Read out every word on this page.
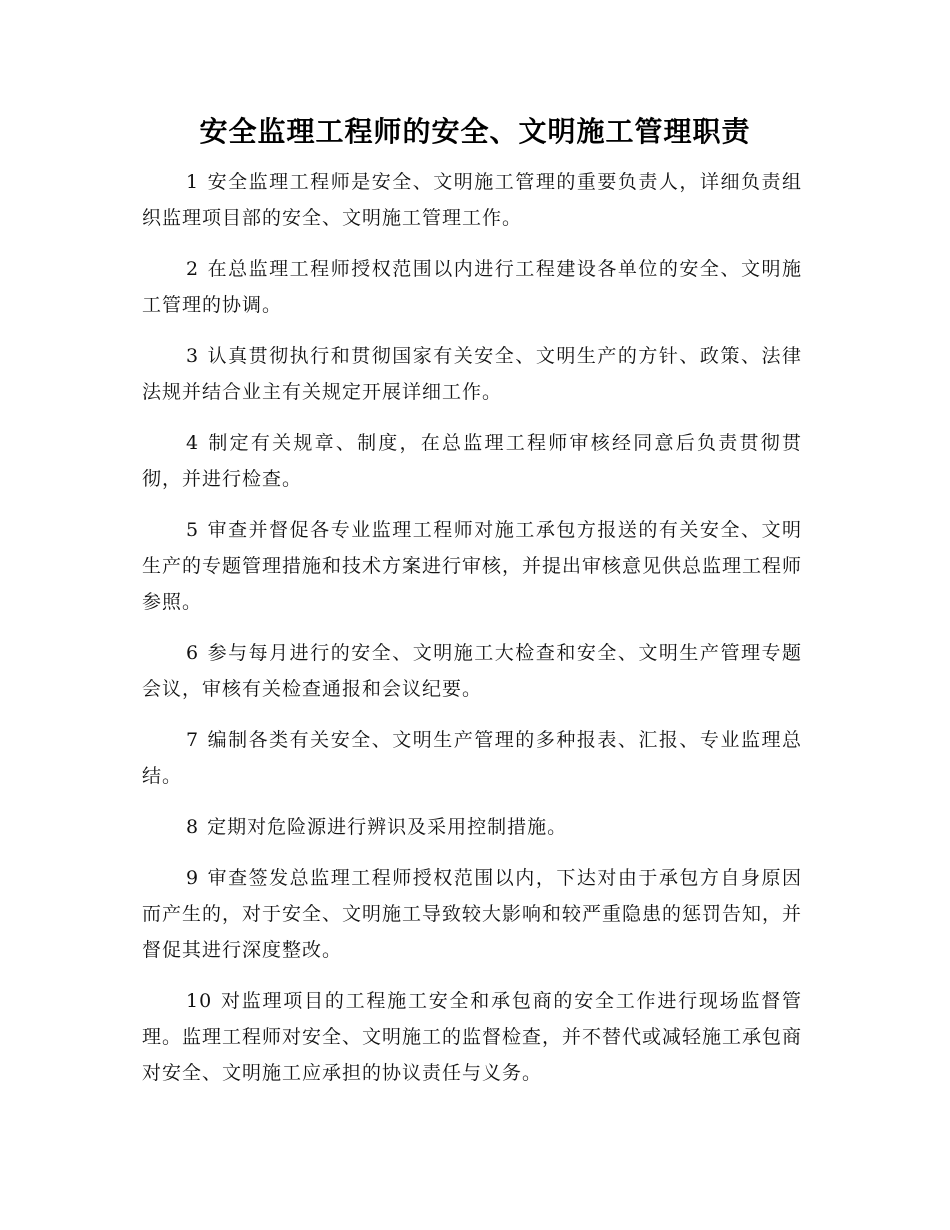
安全监理工程师的安全、文明施工管理职责

1 安全监理工程师是安全、文明施工管理的重要负责人，详细负责组织监理项目部的安全、文明施工管理工作。

2 在总监理工程师授权范围以内进行工程建设各单位的安全、文明施工管理的协调。

3 认真贯彻执行和贯彻国家有关安全、文明生产的方针、政策、法律法规并结合业主有关规定开展详细工作。

4 制定有关规章、制度，在总监理工程师审核经同意后负责贯彻贯彻，并进行检查。

5 审查并督促各专业监理工程师对施工承包方报送的有关安全、文明生产的专题管理措施和技术方案进行审核，并提出审核意见供总监理工程师参照。

6 参与每月进行的安全、文明施工大检查和安全、文明生产管理专题会议，审核有关检查通报和会议纪要。

7 编制各类有关安全、文明生产管理的多种报表、汇报、专业监理总结。

8 定期对危险源进行辨识及采用控制措施。

9 审查签发总监理工程师授权范围以内，下达对由于承包方自身原因而产生的，对于安全、文明施工导致较大影响和较严重隐患的惩罚告知，并督促其进行深度整改。

10 对监理项目的工程施工安全和承包商的安全工作进行现场监督管理。监理工程师对安全、文明施工的监督检查，并不替代或减轻施工承包商对安全、文明施工应承担的协议责任与义务。
